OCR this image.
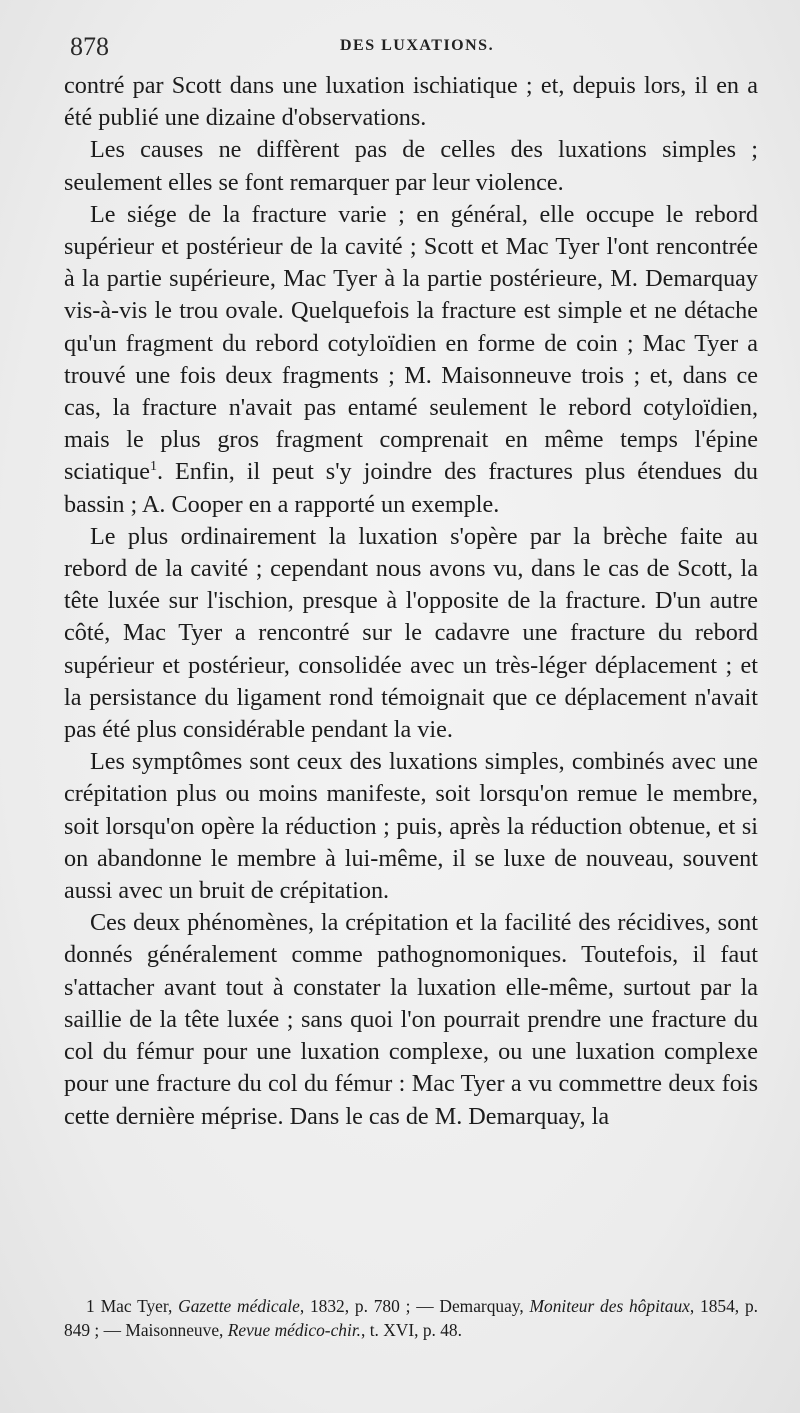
878	DES LUXATIONS.

contré par Scott dans une luxation ischiatique ; et, depuis lors, il en a été publié une dizaine d'observations.

Les causes ne diffèrent pas de celles des luxations simples ; seulement elles se font remarquer par leur violence.

Le siége de la fracture varie ; en général, elle occupe le rebord supérieur et postérieur de la cavité ; Scott et Mac Tyer l'ont rencontrée à la partie supérieure, Mac Tyer à la partie postérieure, M. Demarquay vis-à-vis le trou ovale. Quelquefois la fracture est simple et ne détache qu'un fragment du rebord cotyloïdien en forme de coin ; Mac Tyer a trouvé une fois deux fragments ; M. Maisonneuve trois ; et, dans ce cas, la fracture n'avait pas entamé seulement le rebord cotyloïdien, mais le plus gros fragment comprenait en même temps l'épine sciatique$^1$. Enfin, il peut s'y joindre des fractures plus étendues du bassin ; A. Cooper en a rapporté un exemple.

Le plus ordinairement la luxation s'opère par la brèche faite au rebord de la cavité ; cependant nous avons vu, dans le cas de Scott, la tête luxée sur l'ischion, presque à l'opposite de la fracture. D'un autre côté, Mac Tyer a rencontré sur le cadavre une fracture du rebord supérieur et postérieur, consolidée avec un très-léger déplacement ; et la persistance du ligament rond témoignait que ce déplacement n'avait pas été plus considérable pendant la vie.

Les symptômes sont ceux des luxations simples, combinés avec une crépitation plus ou moins manifeste, soit lorsqu'on remue le membre, soit lorsqu'on opère la réduction ; puis, après la réduction obtenue, et si on abandonne le membre à lui-même, il se luxe de nouveau, souvent aussi avec un bruit de crépitation.

Ces deux phénomènes, la crépitation et la facilité des récidives, sont donnés généralement comme pathognomoniques. Toutefois, il faut s'attacher avant tout à constater la luxation elle-même, surtout par la saillie de la tête luxée ; sans quoi l'on pourrait prendre une fracture du col du fémur pour une luxation complexe, ou une luxation complexe pour une fracture du col du fémur : Mac Tyer a vu commettre deux fois cette dernière méprise. Dans le cas de M. Demarquay, la

1 Mac Tyer, Gazette médicale, 1832, p. 780 ; — Demarquay, Moniteur des hôpitaux, 1854, p. 849 ; — Maisonneuve, Revue médico-chir., t. XVI, p. 48.
